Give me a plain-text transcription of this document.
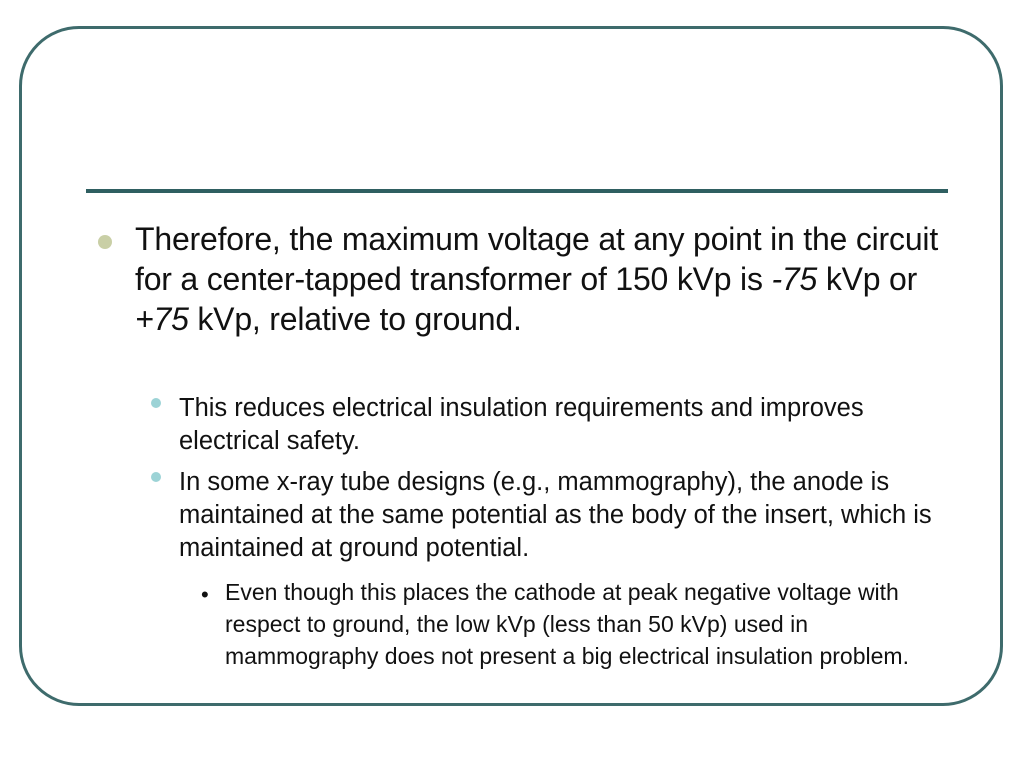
Therefore, the maximum voltage at any point in the circuit for a center-tapped transformer of 150 kVp is -75 kVp or +75 kVp, relative to ground.
This reduces electrical insulation requirements and improves electrical safety.
In some x-ray tube designs (e.g., mammography), the anode is maintained at the same potential as the body of the insert, which is maintained at ground potential.
• Even though this places the cathode at peak negative voltage with respect to ground, the low kVp (less than 50 kVp) used in mammography does not present a big electrical insulation problem.
